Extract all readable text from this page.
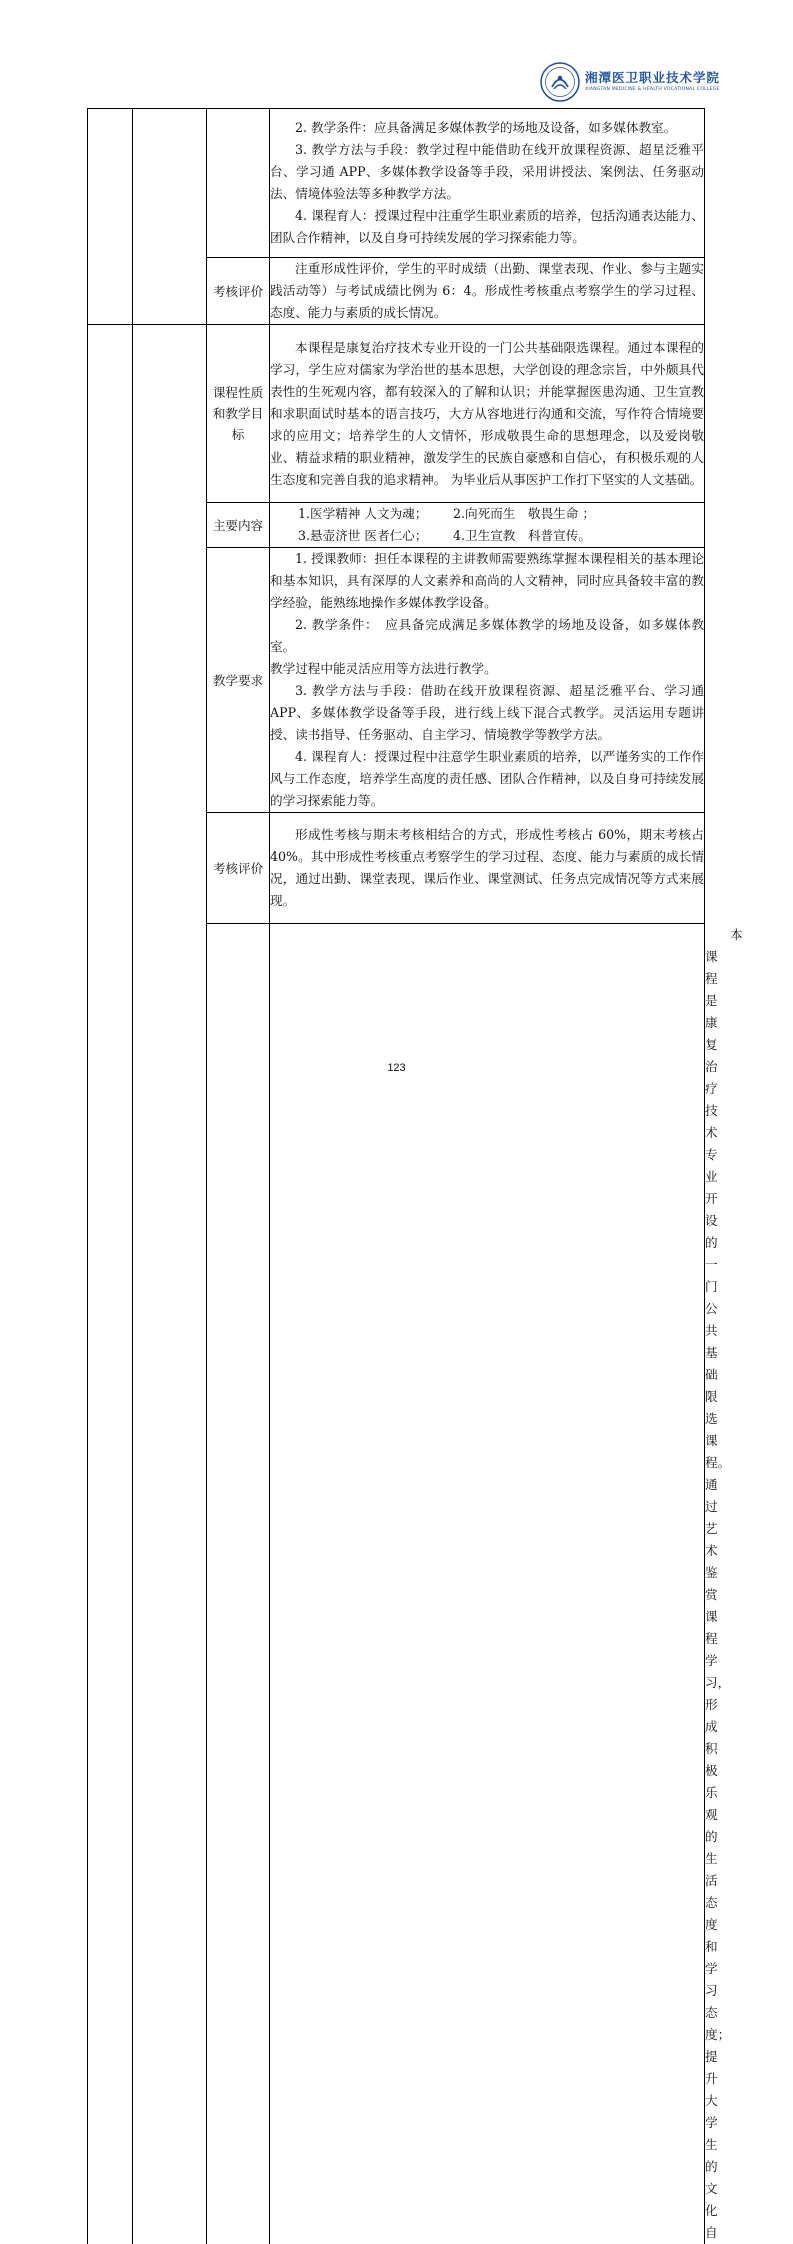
湘潭医卫职业技术学院
XIANGTAN MEDICINE & HEALTH VOCATIONAL COLLEGE

			2. 教学条件：应具备满足多媒体教学的场地及设备，如多媒体教室。

3. 教学方法与手段：教学过程中能借助在线开放课程资源、超星泛雅平台、学习通 APP、多媒体教学设备等手段，采用讲授法、案例法、任务驱动法、情境体验法等多种教学方法。

4. 课程育人：授课过程中注重学生职业素质的培养，包括沟通表达能力、团队合作精神，以及自身可持续发展的学习探索能力等。	

		考核评价	注重形成性评价，学生的平时成绩（出勤、课堂表现、作业、参与主题实践活动等）与考试成绩比例为 6：4。形成性考核重点考察学生的学习过程、态度、能力与素质的成长情况。	

		课程性质和教学目标	本课程是康复治疗技术专业开设的一门公共基础限选课程。通过本课程的学习，学生应对儒家为学治世的基本思想，大学创设的理念宗旨，中外颇具代表性的生死观内容，都有较深入的了解和认识；并能掌握医患沟通、卫生宣教和求职面试时基本的语言技巧，大方从容地进行沟通和交流，写作符合情境要求的应用文；培养学生的人文情怀，形成敬畏生命的思想理念，以及爱岗敬业、精益求精的职业精神，激发学生的民族自豪感和自信心，有积极乐观的人生态度和完善自我的追求精神。 为毕业后从事医护工作打下坚实的人文基础。	

		主要内容	1.医学精神 人文为魂； 2.向死而生　敬畏生命 ；
3.悬壶济世 医者仁心； 4.卫生宣教　科普宣传。	

		教学要求	1. 授课教师：担任本课程的主讲教师需要熟练掌握本课程相关的基本理论和基本知识，具有深厚的人文素养和高尚的人文精神，同时应具备较丰富的教学经验，能熟练地操作多媒体教学设备。

2. 教学条件：　应具备完成满足多媒体教学的场地及设备，如多媒体教室。

教学过程中能灵活应用等方法进行教学。

3. 教学方法与手段：借助在线开放课程资源、超星泛雅平台、学习通 APP、多媒体教学设备等手段，进行线上线下混合式教学。灵活运用专题讲授、读书指导、任务驱动、自主学习、情境教学等教学方法。

4. 课程育人：授课过程中注意学生职业素质的培养，以严谨务实的工作作风与工作态度，培养学生高度的责任感、团队合作精神，以及自身可持续发展的学习探索能力等。	

		考核评价	形成性考核与期末考核相结合的方式，形成性考核占 60%，期末考核占 40%。其中形成性考核重点考察学生的学习过程、态度、能力与素质的成长情况，通过出勤、课堂表现、课后作业、课堂测试、任务点完成情况等方式来展现。	

本课程是康复治疗技术专业开设的一门公共基础限选课程。通过艺术鉴赏课程学习，形成积极乐观的生活态度和学习态度；提升大学生的文化自

123
